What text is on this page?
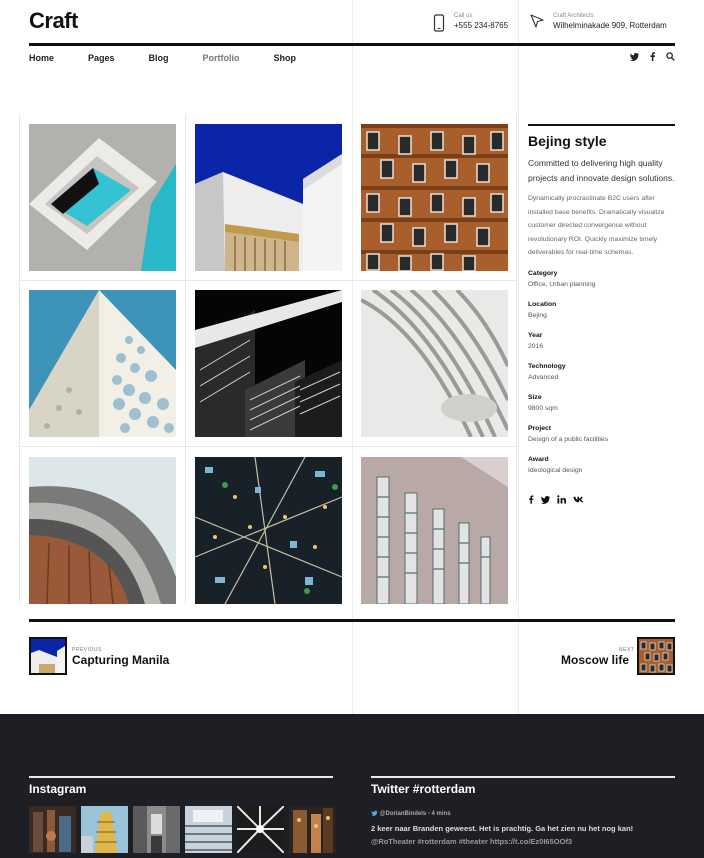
Craft	Call us
+555 234-8765
Craft Architects
Wilhelminakade 909, Rotterdam
Home	Pages	Blog	Portfolio	Shop
Bejing style

Committed to delivering high quality projects and innovate design solutions.

Dynamically procrastinate B2C users after installed base benefits. Dramatically visualize customer directed convergence without revolutionary ROI. Quickly maximize timely deliverables for real-time schemas.

Category
Office, Urban planning
Location
Bejing
Year
2016
Technology
Advanced
Size
9800 sqm
Project
Design of a public facilities
Award
Ideological design
PREVIOUS
Capturing Manila
NEXT
Moscow life
Instagram	Twitter #rotterdam
@DorianBindels - 4 mins
2 keer naar Branden geweest. Het is prachtig. Ga het zien nu het nog kan!
@RoTheater #rotterdam #theater https://t.co/Ez0I65OOf3
